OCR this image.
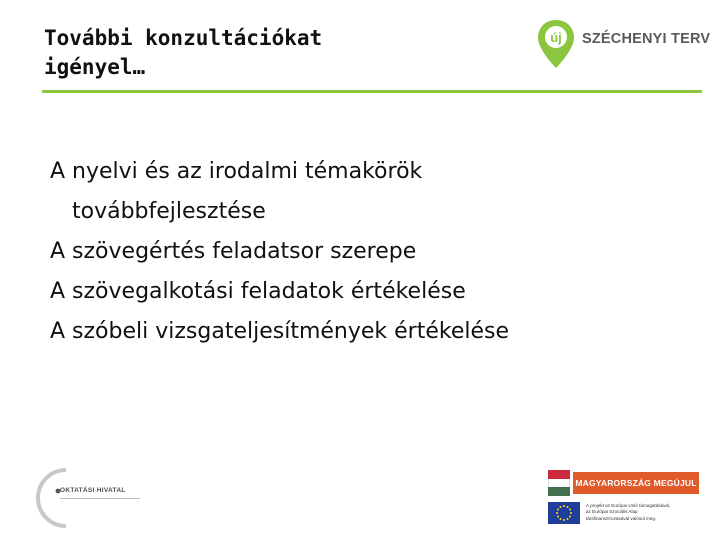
További konzultációkat
igényel…
új SZÉCHENYI TERV

A nyelvi és az irodalmi témakörök
továbbfejlesztése

A szövegértés feladatsor szerepe

A szövegalkotási feladatok értékelése

A szóbeli vizsgateljesítmények értékelése

OKTATÁSI HIVATAL
MAGYARORSZÁG MEGÚJUL
A projekt az Európai Unió támogatásával,
az Európai Szociális Alap
társfinanszírozásával valósul meg.
